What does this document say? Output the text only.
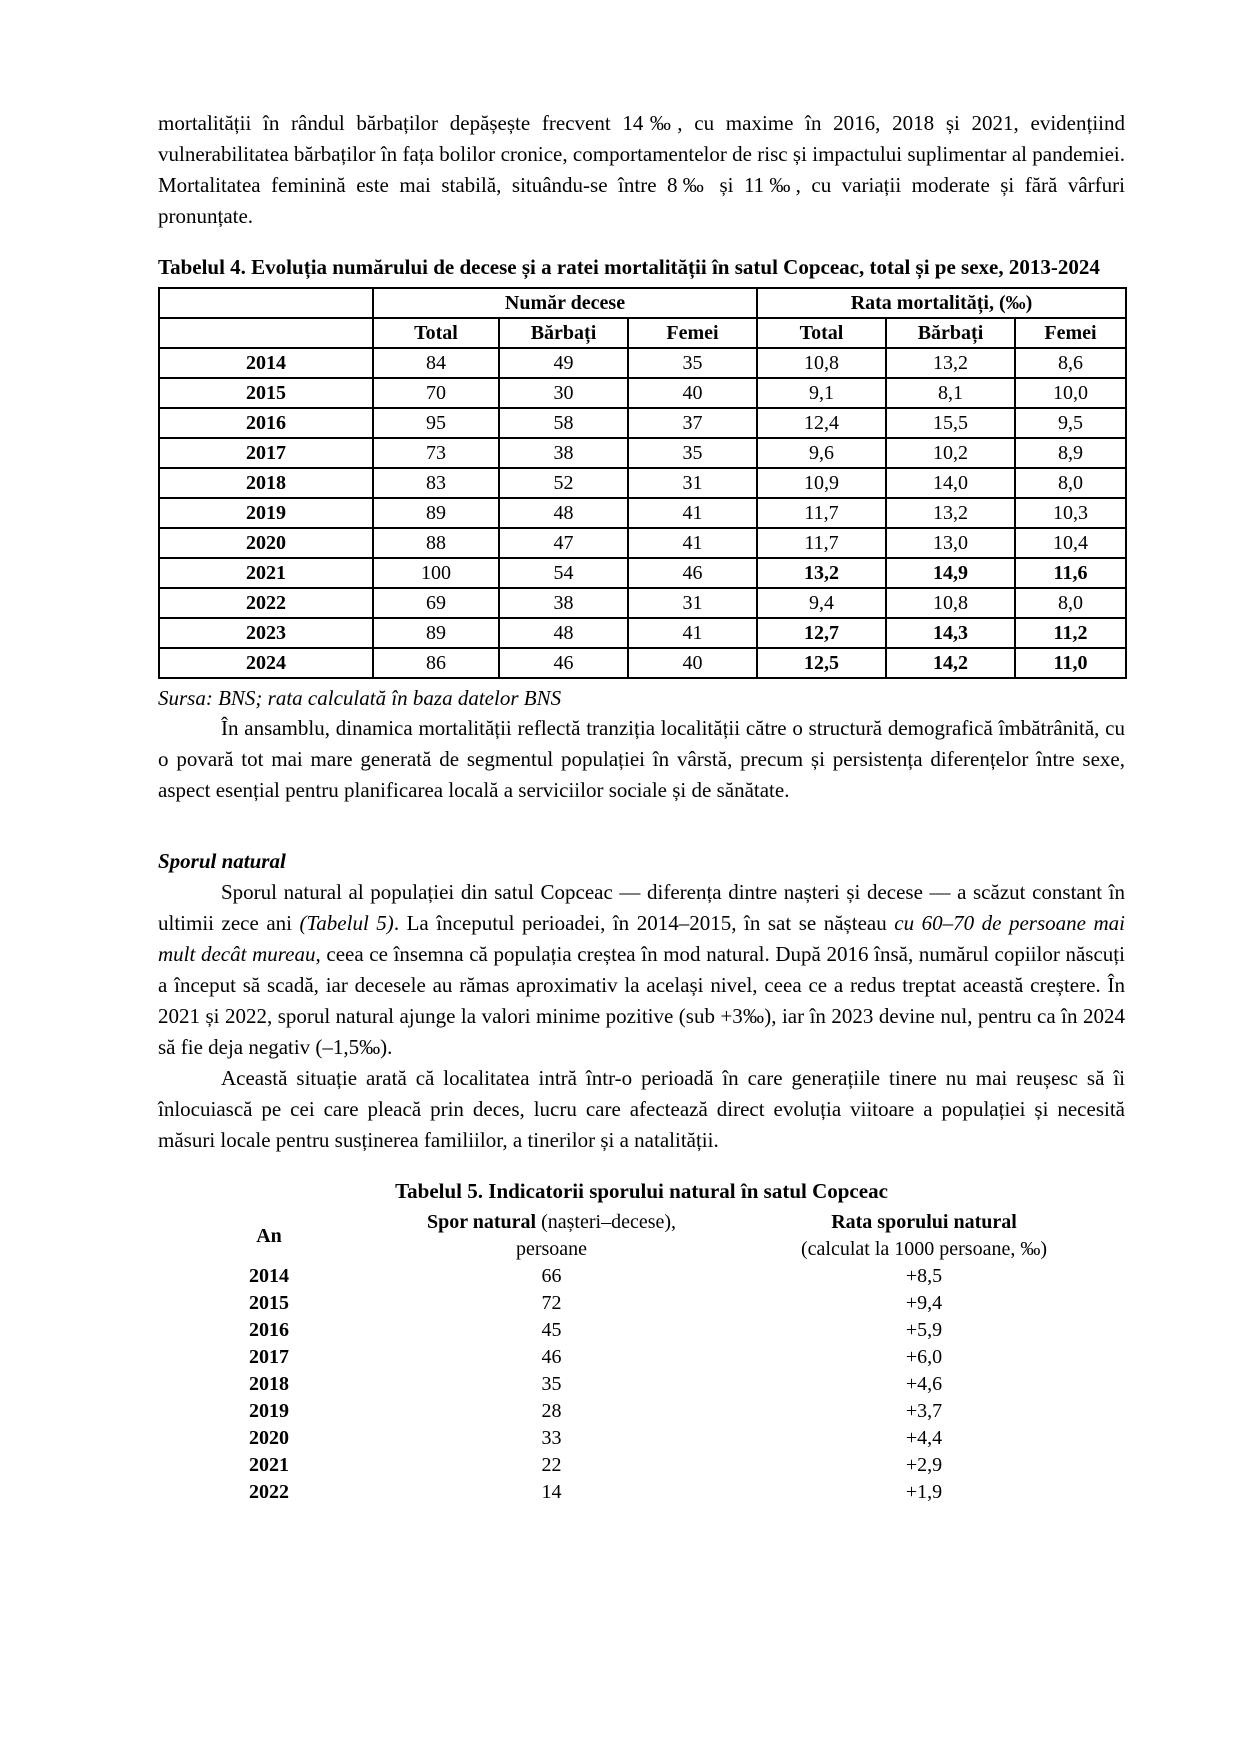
mortalității în rândul bărbaților depășește frecvent 14‰, cu maxime în 2016, 2018 și 2021, evidențiind vulnerabilitatea bărbaților în fața bolilor cronice, comportamentelor de risc și impactului suplimentar al pandemiei. Mortalitatea feminină este mai stabilă, situându-se între 8‰ și 11‰, cu variații moderate și fără vârfuri pronunțate.

Tabelul 4. Evoluția numărului de decese și a ratei mortalității în satul Copceac, total și pe sexe, 2013-2024
	Număr decese			Rata mortalități, (‰)		
	Total	Bărbați	Femei	Total	Bărbați	Femei
2014	84	49	35	10,8	13,2	8,6
2015	70	30	40	9,1	8,1	10,0
2016	95	58	37	12,4	15,5	9,5
2017	73	38	35	9,6	10,2	8,9
2018	83	52	31	10,9	14,0	8,0
2019	89	48	41	11,7	13,2	10,3
2020	88	47	41	11,7	13,0	10,4
2021	100	54	46	13,2	14,9	11,6
2022	69	38	31	9,4	10,8	8,0
2023	89	48	41	12,7	14,3	11,2
2024	86	46	40	12,5	14,2	11,0
Sursa: BNS; rata calculată în baza datelor BNS

În ansamblu, dinamica mortalității reflectă tranziția localității către o structură demografică îmbătrânită, cu o povară tot mai mare generată de segmentul populației în vârstă, precum și persistența diferențelor între sexe, aspect esențial pentru planificarea locală a serviciilor sociale și de sănătate.

Sporul natural

Sporul natural al populației din satul Copceac — diferența dintre nașteri și decese — a scăzut constant în ultimii zece ani (Tabelul 5). La începutul perioadei, în 2014–2015, în sat se nășteau cu 60–70 de persoane mai mult decât mureau, ceea ce însemna că populația creștea în mod natural. După 2016 însă, numărul copiilor născuți a început să scadă, iar decesele au rămas aproximativ la același nivel, ceea ce a redus treptat această creștere. În 2021 și 2022, sporul natural ajunge la valori minime pozitive (sub +3‰), iar în 2023 devine nul, pentru ca în 2024 să fie deja negativ (–1,5‰).

Această situație arată că localitatea intră într-o perioadă în care generațiile tinere nu mai reușesc să îi înlocuiască pe cei care pleacă prin deces, lucru care afectează direct evoluția viitoare a populației și necesită măsuri locale pentru susținerea familiilor, a tinerilor și a natalității.

Tabelul 5. Indicatorii sporului natural în satul Copceac
An	
Spor natural (nașteri–decese),
persoane

Rata sporului natural
(calculat la 1000 persoane, ‰)

2014	66	+8,5
2015	72	+9,4
2016	45	+5,9
2017	46	+6,0
2018	35	+4,6
2019	28	+3,7
2020	33	+4,4
2021	22	+2,9
2022	14	+1,9
